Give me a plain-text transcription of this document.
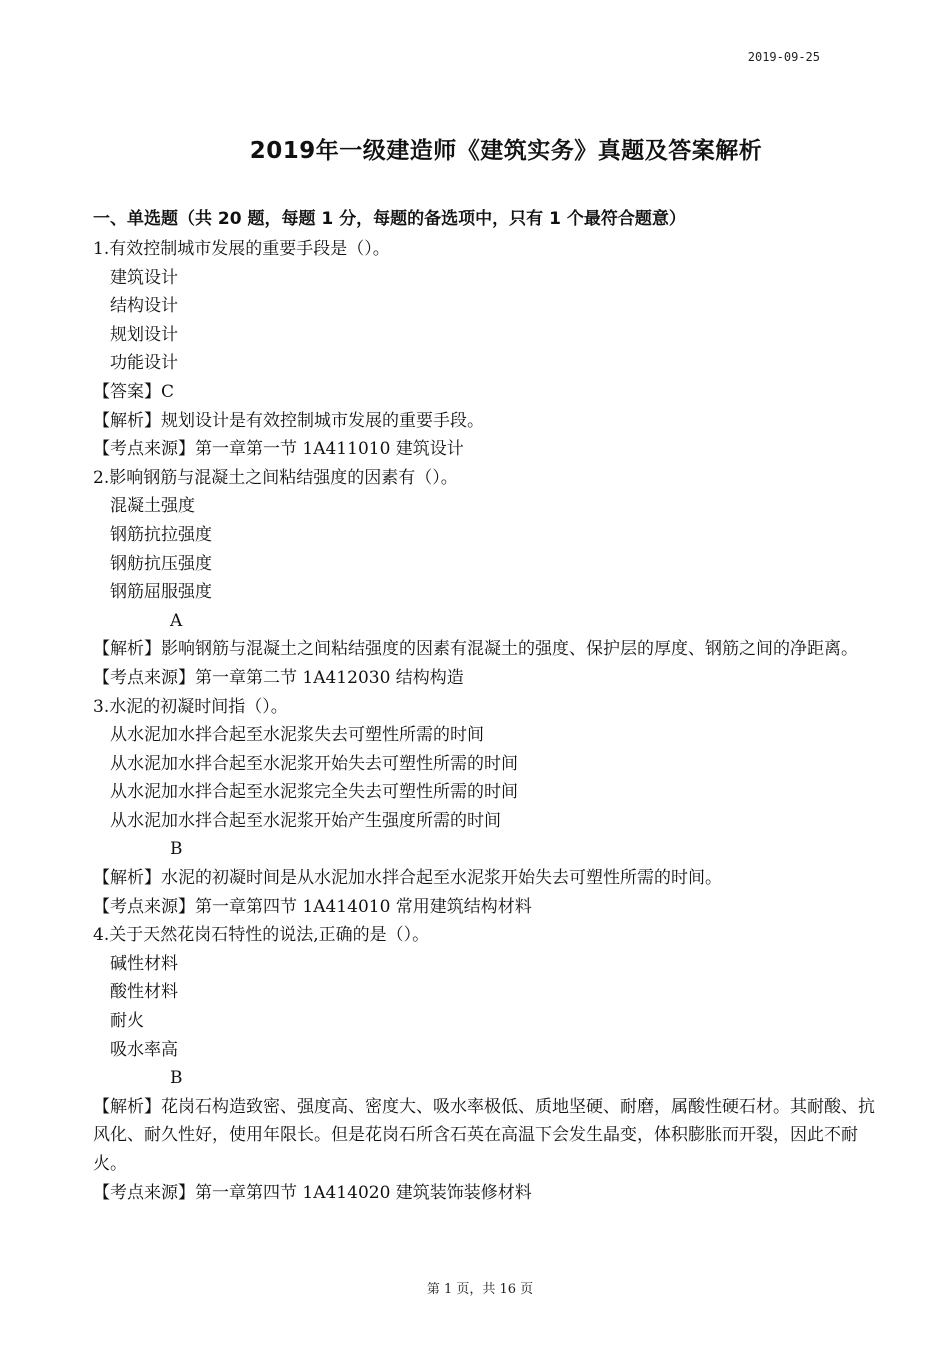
2019-09-25
2019年一级建造师《建筑实务》真题及答案解析
一、单选题（共 20 题，每题 1 分，每题的备选项中，只有 1 个最符合题意）
1.有效控制城市发展的重要手段是（）。
建筑设计
结构设计
规划设计
功能设计
【答案】C
【解析】规划设计是有效控制城市发展的重要手段。
【考点来源】第一章第一节 1A411010 建筑设计
2.影响钢筋与混凝土之间粘结强度的因素有（）。
混凝土强度
钢筋抗拉强度
钢舫抗压强度
钢筋屈服强度
A
【解析】影响钢筋与混凝土之间粘结强度的因素有混凝土的强度、保护层的厚度、钢筋之间的净距离。
【考点来源】第一章第二节 1A412030 结构构造
3.水泥的初凝时间指（）。
从水泥加水拌合起至水泥浆失去可塑性所需的时间
从水泥加水拌合起至水泥浆开始失去可塑性所需的时间
从水泥加水拌合起至水泥浆完全失去可塑性所需的时间
从水泥加水拌合起至水泥浆开始产生强度所需的时间
B
【解析】水泥的初凝时间是从水泥加水拌合起至水泥浆开始失去可塑性所需的时间。
【考点来源】第一章第四节 1A414010 常用建筑结构材料
4.关于天然花岗石特性的说法,正确的是（）。
碱性材料
酸性材料
耐火
吸水率高
B
【解析】花岗石构造致密、强度高、密度大、吸水率极低、质地坚硬、耐磨，属酸性硬石材。其耐酸、抗风化、耐久性好，使用年限长。但是花岗石所含石英在高温下会发生晶变，体积膨胀而开裂，因此不耐火。
【考点来源】第一章第四节 1A414020 建筑装饰装修材料
第 1 页，共 16 页
